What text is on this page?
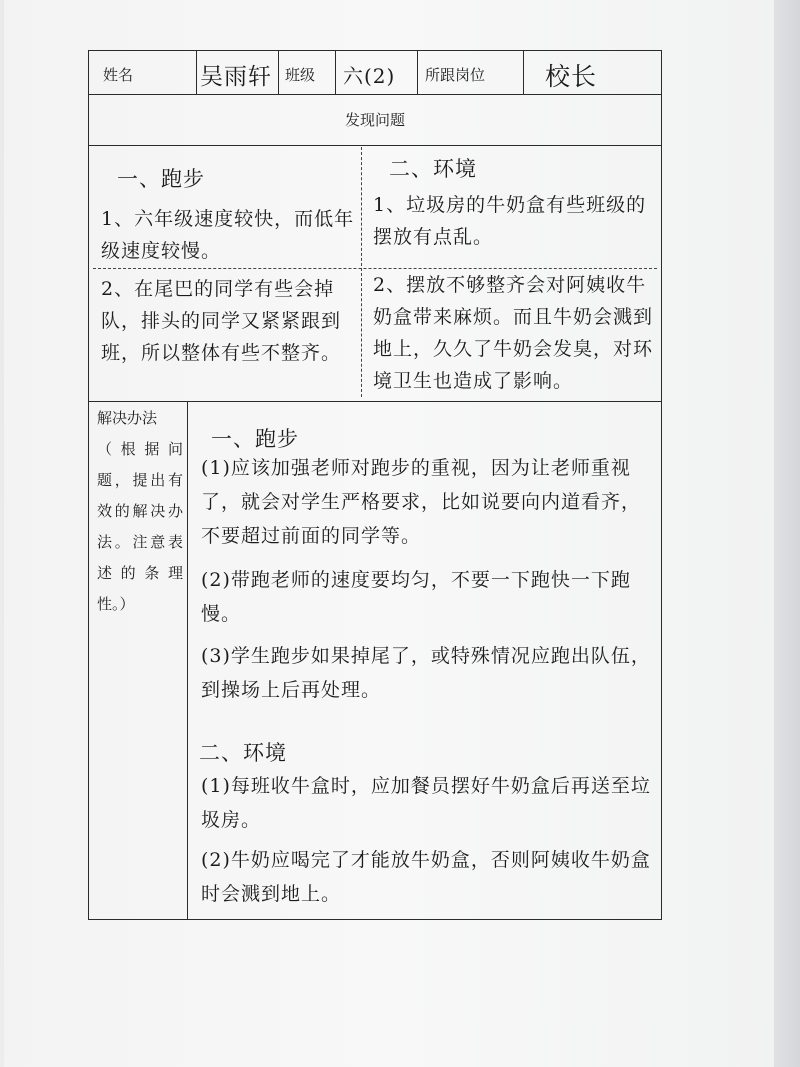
姓名	吴雨轩 班级 六(2) 所跟岗位 校长
发现问题
一、跑步
1、六年级速度较快，而低年级速度较慢。
2、在尾巴的同学有些会掉队，排头的同学又紧紧跟到班，所以整体有些不整齐。
二、环境
1、垃圾房的牛奶盒有些班级的摆放有点乱。
2、摆放不够整齐会对阿姨收牛奶盒带来麻烦。而且牛奶会溅到地上，久久了牛奶会发臭，对环境卫生也造成了影响。
解决办法
（根据问题，提出有效的解决办法。注意表述的条理性。）
一、跑步
(1)应该加强老师对跑步的重视，因为让老师重视了，就会对学生严格要求，比如说要向内道看齐，不要超过前面的同学等。
(2)带跑老师的速度要均匀，不要一下跑快一下跑慢。
(3)学生跑步如果掉尾了，或特殊情况应跑出队伍，到操场上后再处理。
二、环境
(1)每班收牛盒时，应加餐员摆好牛奶盒后再送至垃圾房。
(2)牛奶应喝完了才能放牛奶盒，否则阿姨收牛奶盒时会溅到地上。
